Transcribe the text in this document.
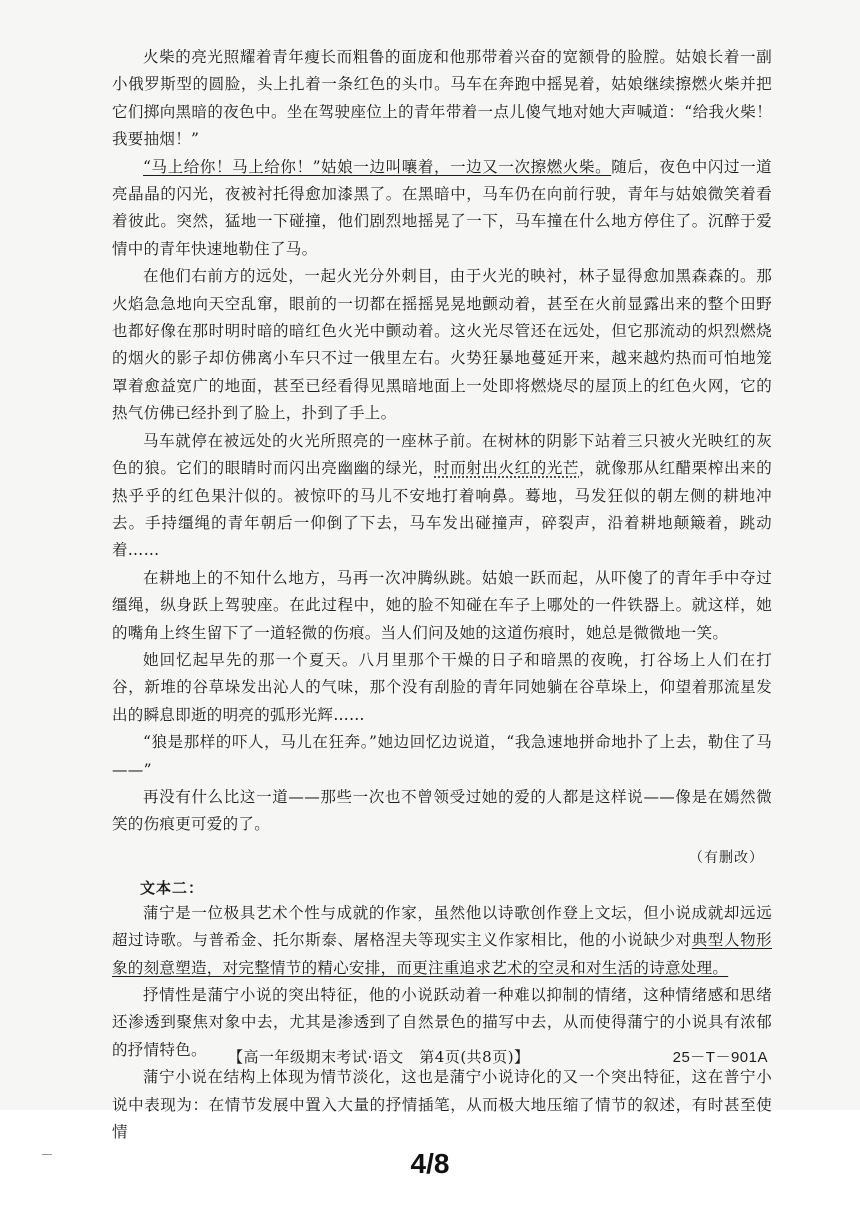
火柴的亮光照耀着青年瘦长而粗鲁的面庞和他那带着兴奋的宽额骨的脸膛。姑娘长着一副小俄罗斯型的圆脸，头上扎着一条红色的头巾。马车在奔跑中摇晃着，姑娘继续擦燃火柴并把它们掷向黑暗的夜色中。坐在驾驶座位上的青年带着一点儿傻气地对她大声喊道：“给我火柴！我要抽烟！”

“马上给你！马上给你！”姑娘一边叫嚷着，一边又一次擦燃火柴。随后，夜色中闪过一道亮晶晶的闪光，夜被衬托得愈加漆黑了。在黑暗中，马车仍在向前行驶，青年与姑娘微笑着看着彼此。突然，猛地一下碰撞，他们剧烈地摇晃了一下，马车撞在什么地方停住了。沉醉于爱情中的青年快速地勒住了马。

在他们右前方的远处，一起火光分外刺目，由于火光的映衬，林子显得愈加黑森森的。那火焰急急地向天空乱窜，眼前的一切都在摇摇晃晃地颤动着，甚至在火前显露出来的整个田野也都好像在那时明时暗的暗红色火光中颤动着。这火光尽管还在远处，但它那流动的炽烈燃烧的烟火的影子却仿佛离小车只不过一俄里左右。火势狂暴地蔓延开来，越来越灼热而可怕地笼罩着愈益宽广的地面，甚至已经看得见黑暗地面上一处即将燃烧尽的屋顶上的红色火网，它的热气仿佛已经扑到了脸上，扑到了手上。

马车就停在被远处的火光所照亮的一座林子前。在树林的阴影下站着三只被火光映红的灰色的狼。它们的眼睛时而闪出亮幽幽的绿光，时而射出火红的光芒，就像那从红醋栗榨出来的热乎乎的红色果汁似的。被惊吓的马儿不安地打着响鼻。蓦地，马发狂似的朝左侧的耕地冲去。手持缰绳的青年朝后一仰倒了下去，马车发出碰撞声，碎裂声，沿着耕地颠簸着，跳动着……

在耕地上的不知什么地方，马再一次冲腾纵跳。姑娘一跃而起，从吓傻了的青年手中夺过缰绳，纵身跃上驾驶座。在此过程中，她的脸不知碰在车子上哪处的一件铁器上。就这样，她的嘴角上终生留下了一道轻微的伤痕。当人们问及她的这道伤痕时，她总是微微地一笑。

她回忆起早先的那一个夏天。八月里那个干燥的日子和暗黑的夜晚，打谷场上人们在打谷，新堆的谷草垛发出沁人的气味，那个没有刮脸的青年同她躺在谷草垛上，仰望着那流星发出的瞬息即逝的明亮的弧形光辉……

“狼是那样的吓人，马儿在狂奔。”她边回忆边说道，“我急速地拼命地扑了上去，勒住了马——”

再没有什么比这一道——那些一次也不曾领受过她的爱的人都是这样说——像是在嫣然微笑的伤痕更可爱的了。

（有删改）
文本二：

蒲宁是一位极具艺术个性与成就的作家，虽然他以诗歌创作登上文坛，但小说成就却远远超过诗歌。与普希金、托尔斯泰、屠格涅夫等现实主义作家相比，他的小说缺少对典型人物形象的刻意塑造，对完整情节的精心安排，而更注重追求艺术的空灵和对生活的诗意处理。

抒情性是蒲宁小说的突出特征，他的小说跃动着一种难以抑制的情绪，这种情绪感和思绪还渗透到聚焦对象中去，尤其是渗透到了自然景色的描写中去，从而使得蒲宁的小说具有浓郁的抒情特色。

蒲宁小说在结构上体现为情节淡化，这也是蒲宁小说诗化的又一个突出特征，这在普宁小说中表现为：在情节发展中置入大量的抒情插笔，从而极大地压缩了情节的叙述，有时甚至使情

【高一年级期末考试·语文　第4页(共8页)】	25－T－901A
4/8
